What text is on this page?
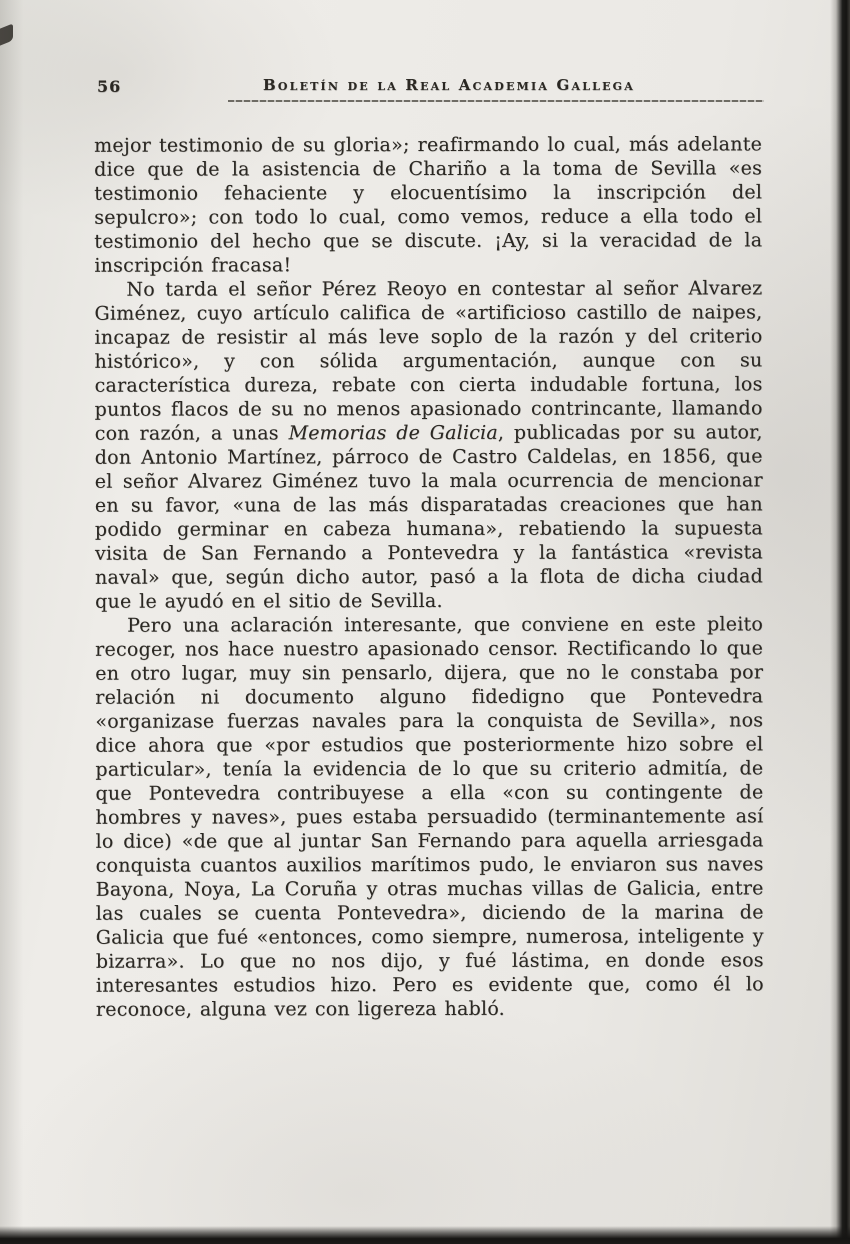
56	Boletín de la Real Academia Gallega

mejor testimonio de su gloria»; reafirmando lo cual, más adelante dice que de la asistencia de Chariño a la toma de Sevilla «es testimonio fehaciente y elocuentísimo la inscripción del sepulcro»; con todo lo cual, como vemos, reduce a ella todo el testimonio del hecho que se discute. ¡Ay, si la veracidad de la inscripción fracasa!

No tarda el señor Pérez Reoyo en contestar al señor Alvarez Giménez, cuyo artículo califica de «artificioso castillo de naipes, incapaz de resistir al más leve soplo de la razón y del criterio histórico», y con sólida argumentación, aunque con su característica dureza, rebate con cierta indudable fortuna, los puntos flacos de su no menos apasionado contrincante, llamando con razón, a unas Memorias de Galicia, publicadas por su autor, don Antonio Martínez, párroco de Castro Caldelas, en 1856, que el señor Alvarez Giménez tuvo la mala ocurrencia de mencionar en su favor, «una de las más disparatadas creaciones que han podido germinar en cabeza humana», rebatiendo la supuesta visita de San Fernando a Pontevedra y la fantástica «revista naval» que, según dicho autor, pasó a la flota de dicha ciudad que le ayudó en el sitio de Sevilla.

Pero una aclaración interesante, que conviene en este pleito recoger, nos hace nuestro apasionado censor. Rectificando lo que en otro lugar, muy sin pensarlo, dijera, que no le constaba por relación ni documento alguno fidedigno que Pontevedra «organizase fuerzas navales para la conquista de Sevilla», nos dice ahora que «por estudios que posteriormente hizo sobre el particular», tenía la evidencia de lo que su criterio admitía, de que Pontevedra contribuyese a ella «con su contingente de hombres y naves», pues estaba persuadido (terminantemente así lo dice) «de que al juntar San Fernando para aquella arriesgada conquista cuantos auxilios marítimos pudo, le enviaron sus naves Bayona, Noya, La Coruña y otras muchas villas de Galicia, entre las cuales se cuenta Pontevedra», diciendo de la marina de Galicia que fué «entonces, como siempre, numerosa, inteligente y bizarra». Lo que no nos dijo, y fué lástima, en donde esos interesantes estudios hizo. Pero es evidente que, como él lo reconoce, alguna vez con ligereza habló.
